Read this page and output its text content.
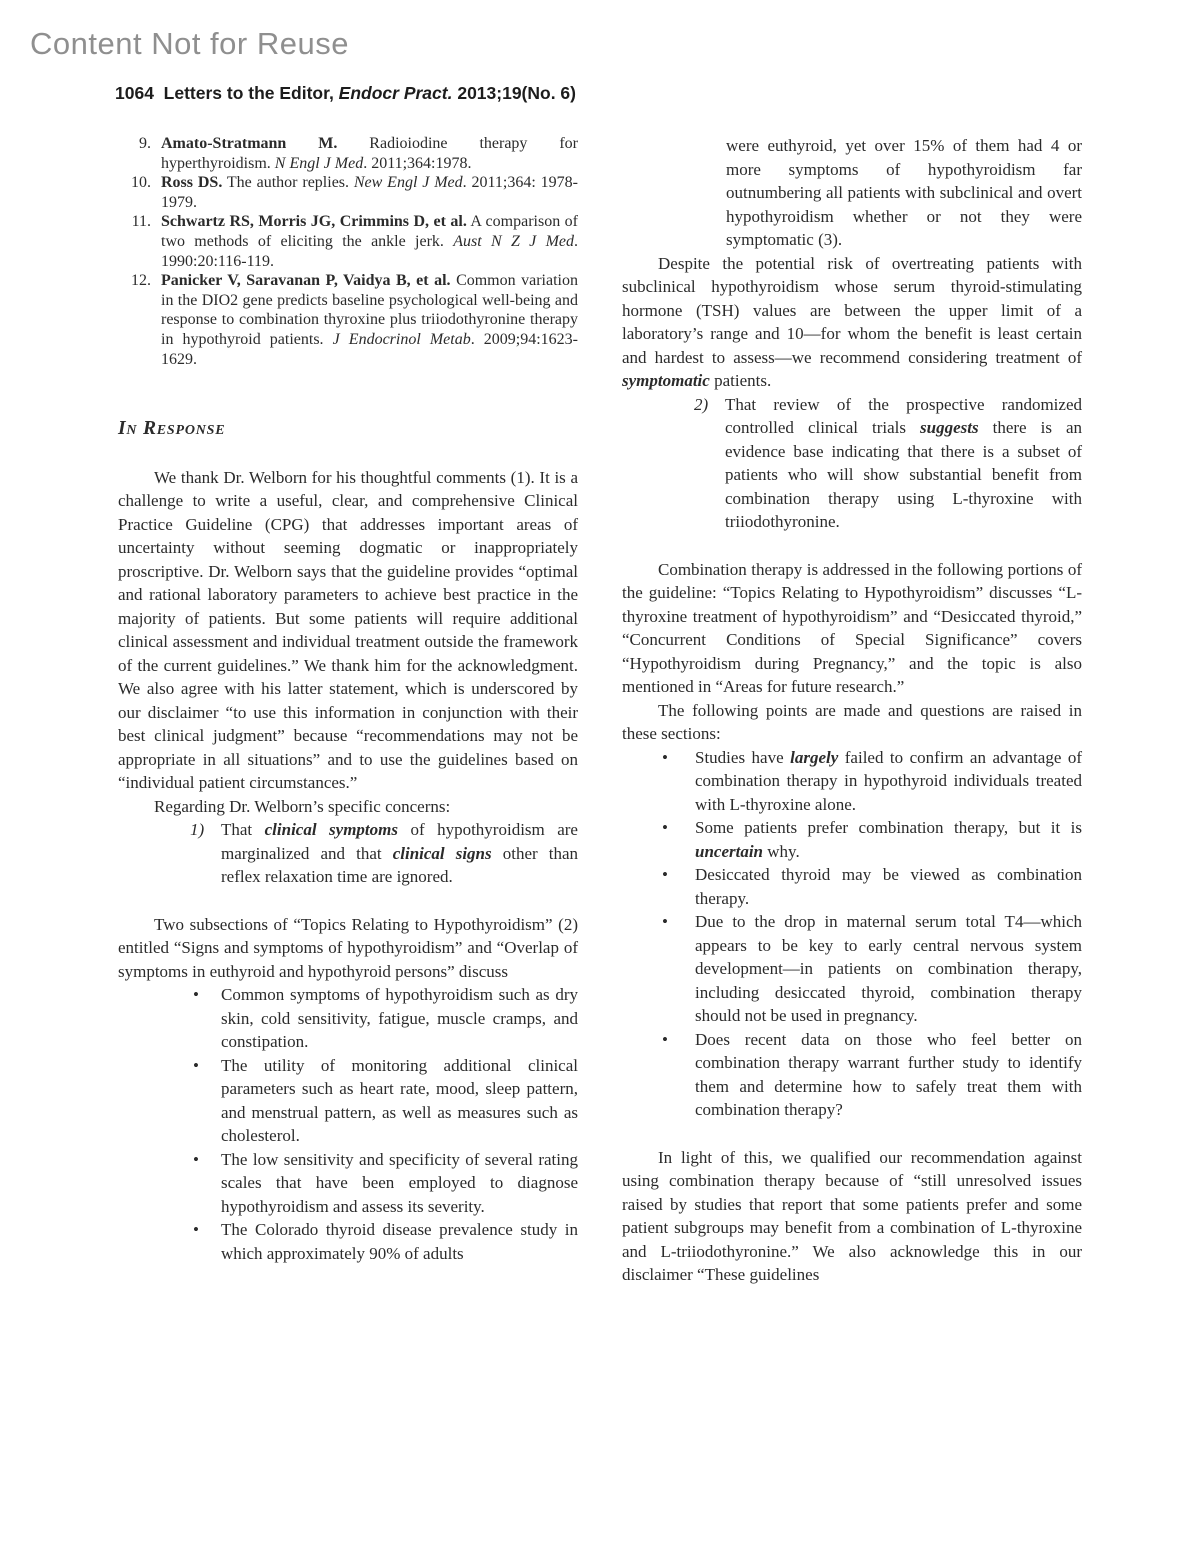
Content Not for Reuse
1064  Letters to the Editor, Endocr Pract. 2013;19(No. 6)
9. Amato-Stratmann M. Radioiodine therapy for hyperthyroidism. N Engl J Med. 2011;364:1978.
10. Ross DS. The author replies. New Engl J Med. 2011;364: 1978-1979.
11. Schwartz RS, Morris JG, Crimmins D, et al. A comparison of two methods of eliciting the ankle jerk. Aust N Z J Med. 1990:20:116-119.
12. Panicker V, Saravanan P, Vaidya B, et al. Common variation in the DIO2 gene predicts baseline psychological well-being and response to combination thyroxine plus triiodothyronine therapy in hypothyroid patients. J Endocrinol Metab. 2009;94:1623-1629.
In Response

We thank Dr. Welborn for his thoughtful comments (1). It is a challenge to write a useful, clear, and comprehensive Clinical Practice Guideline (CPG) that addresses important areas of uncertainty without seeming dogmatic or inappropriately proscriptive. Dr. Welborn says that the guideline provides “optimal and rational laboratory parameters to achieve best practice in the majority of patients. But some patients will require additional clinical assessment and individual treatment outside the framework of the current guidelines.” We thank him for the acknowledgment. We also agree with his latter statement, which is underscored by our disclaimer “to use this information in conjunction with their best clinical judgment” because “recommendations may not be appropriate in all situations” and to use the guidelines based on “individual patient circumstances.”

Regarding Dr. Welborn’s specific concerns:

1) That clinical symptoms of hypothyroidism are marginalized and that clinical signs other than reflex relaxation time are ignored.

Two subsections of “Topics Relating to Hypothyroidism” (2) entitled “Signs and symptoms of hypothyroidism” and “Overlap of symptoms in euthyroid and hypothyroid persons” discuss

•	Common symptoms of hypothyroidism such as dry skin, cold sensitivity, fatigue, muscle cramps, and constipation.
•	The utility of monitoring additional clinical parameters such as heart rate, mood, sleep pattern, and menstrual pattern, as well as measures such as cholesterol.
•	The low sensitivity and specificity of several rating scales that have been employed to diagnose hypothyroidism and assess its severity.
•	The Colorado thyroid disease prevalence study in which approximately 90% of adults

were euthyroid, yet over 15% of them had 4 or more symptoms of hypothyroidism far outnumbering all patients with subclinical and overt hypothyroidism whether or not they were symptomatic (3).

Despite the potential risk of overtreating patients with subclinical hypothyroidism whose serum thyroid-stimulating hormone (TSH) values are between the upper limit of a laboratory’s range and 10—for whom the benefit is least certain and hardest to assess—we recommend considering treatment of symptomatic patients.

2) That review of the prospective randomized controlled clinical trials suggests there is an evidence base indicating that there is a subset of patients who will show substantial benefit from combination therapy using L-thyroxine with triiodothyronine.

Combination therapy is addressed in the following portions of the guideline: “Topics Relating to Hypothyroidism” discusses “L-thyroxine treatment of hypothyroidism” and “Desiccated thyroid,” “Concurrent Conditions of Special Significance” covers “Hypothyroidism during Pregnancy,” and the topic is also mentioned in “Areas for future research.”

The following points are made and questions are raised in these sections:

•	Studies have largely failed to confirm an advantage of combination therapy in hypothyroid individuals treated with L-thyroxine alone.
•	Some patients prefer combination therapy, but it is uncertain why.
•	Desiccated thyroid may be viewed as combination therapy.
•	Due to the drop in maternal serum total T4—which appears to be key to early central nervous system development—in patients on combination therapy, including desiccated thyroid, combination therapy should not be used in pregnancy.
•	Does recent data on those who feel better on combination therapy warrant further study to identify them and determine how to safely treat them with combination therapy?

In light of this, we qualified our recommendation against using combination therapy because of “still unresolved issues raised by studies that report that some patients prefer and some patient subgroups may benefit from a combination of L-thyroxine and L-triiodothyronine.” We also acknowledge this in our disclaimer “These guidelines
